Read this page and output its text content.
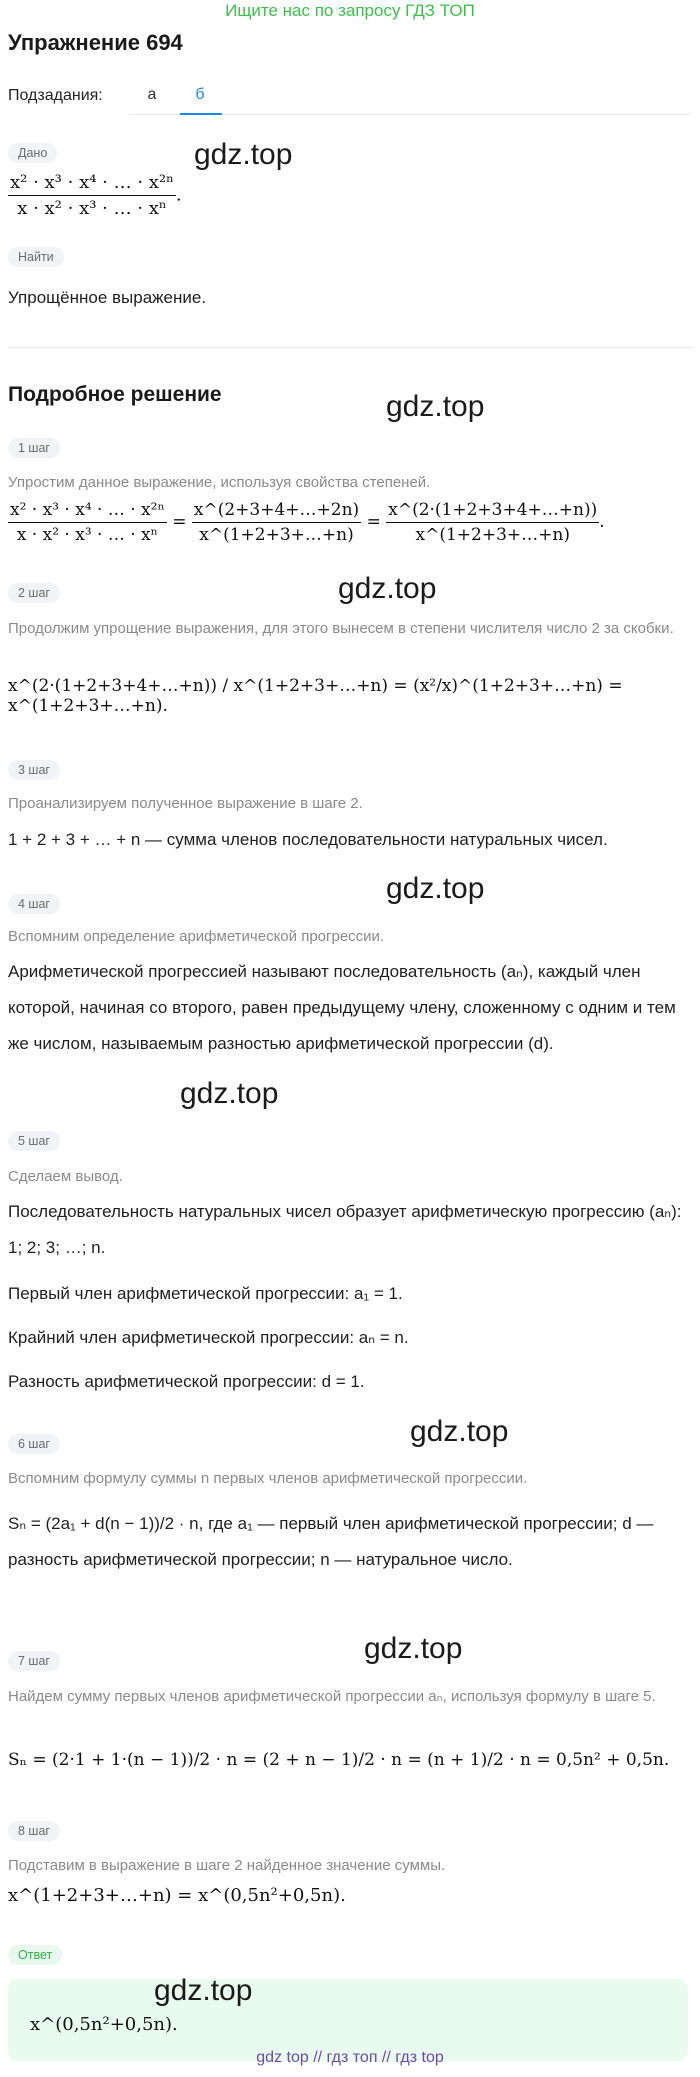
Ищите нас по запросу ГДЗ ТОП
Упражнение 694
Подзадания:	а	б
Дано
$\frac{\text{x² · x³ · x⁴ · … · x²ⁿ}}{\text{x · x² · x³ · … · xⁿ}}$ .
gdz.top
Найти
Упрощённое выражение.
Подробное решение	gdz.top
1 шаг
Упростим данное выражение, используя свойства степеней.
$\frac{\text{x² · x³ · x⁴ · … · x²ⁿ}}{\text{x · x² · x³ · … · xⁿ}} = \frac{x\^{}(2+3+4+\dots+2n)}{x\^{}(1+2+3+\dots+n)} = \frac{x\^{}(2\cdot(1+2+3+4+\dots+n))}{x\^{}(1+2+3+\dots+n)}$ .
gdz.top
2 шаг
Продолжим упрощение выражения, для этого вынесем в степени числителя число 2 за скобки.
x^(2·(1+2+3+4+…+n)) / x^(1+2+3+…+n) = (x²/x)^(1+2+3+…+n) = x^(1+2+3+…+n).
3 шаг
Проанализируем полученное выражение в шаге 2.
1 + 2 + 3 + … + n — сумма членов последовательности натуральных чисел.
gdz.top
4 шаг
Вспомним определение арифметической прогрессии.
Арифметической прогрессией называют последовательность (aₙ), каждый член которой, начиная со второго, равен предыдущему члену, сложенному с одним и тем же числом, называемым разностью арифметической прогрессии (d).
gdz.top
5 шаг
Сделаем вывод.
Последовательность натуральных чисел образует арифметическую прогрессию (aₙ): 1; 2; 3; …; n.
Первый член арифметической прогрессии: a₁ = 1.
Крайний член арифметической прогрессии: aₙ = n.
Разность арифметической прогрессии: d = 1.
gdz.top
6 шаг
Вспомним формулу суммы n первых членов арифметической прогрессии.
Sₙ = (2a₁ + d(n − 1))/2 · n, где a₁ — первый член арифметической прогрессии; d — разность арифметической прогрессии; n — натуральное число.
gdz.top
7 шаг
Найдем сумму первых членов арифметической прогрессии aₙ, используя формулу в шаге 5.
Sₙ = (2·1 + 1·(n − 1))/2 · n = (2 + n − 1)/2 · n = (n + 1)/2 · n = 0,5n² + 0,5n.
8 шаг
Подставим в выражение в шаге 2 найденное значение суммы.
x^(1+2+3+…+n) = x^(0,5n²+0,5n).
Ответ
x^(0,5n²+0,5n).
gdz.top
gdz top // гдз топ // гдз top
